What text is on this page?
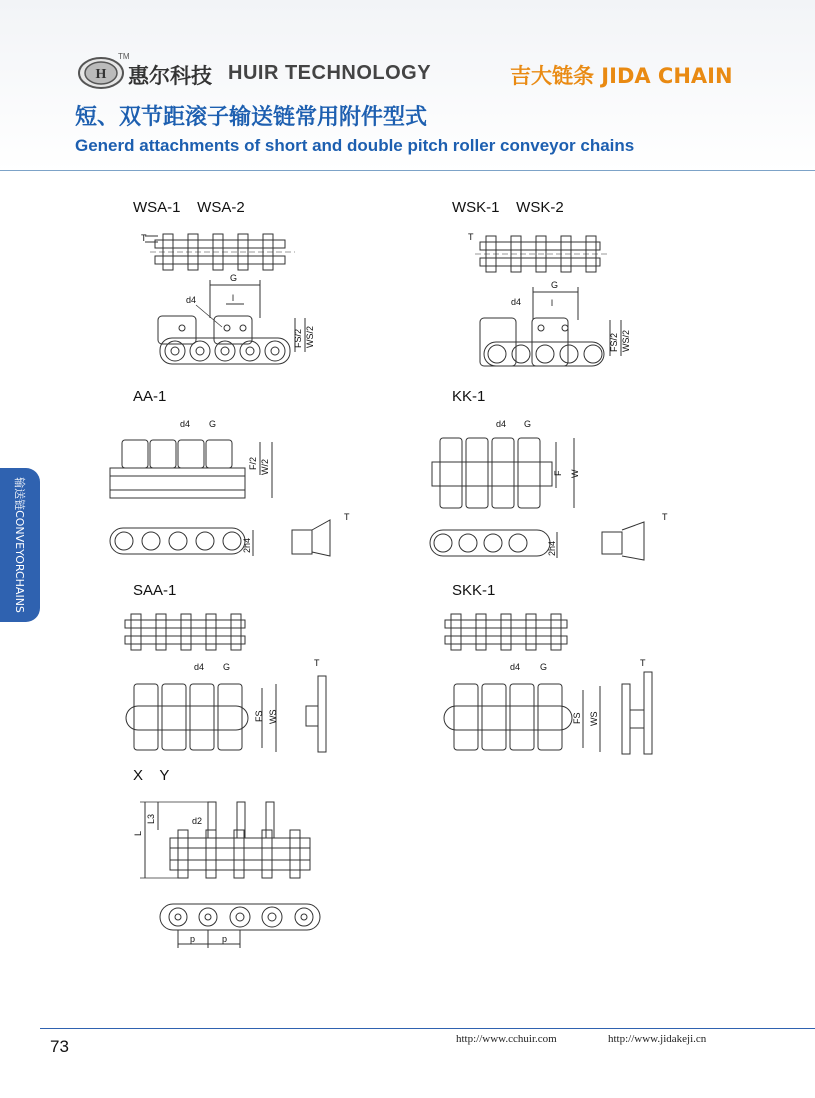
H
TM
惠尔科技 HUIR TECHNOLOGY	吉大链条 JIDA CHAIN
短、双节距滚子输送链常用附件型式
Generd attachments of short and double pitch roller conveyor chains
输送链CONVEYORCHAINS
WSA-1    WSA-2	WSK-1    WSK-2
AA-1	KK-1
SAA-1	SKK-1
X    Y
T
G
l
d4
FS/2 WS/2
T
G
l
d4
FS/2 WS/2
d4 G
F/2 W/2
2h4
T
d4 G
F W
2h4
T
d4 G
FS WS
T	d4 G
FS WS
T
L
L3	d2
p	p
73	http://www.cchuir.com	http://www.jidakeji.cn
